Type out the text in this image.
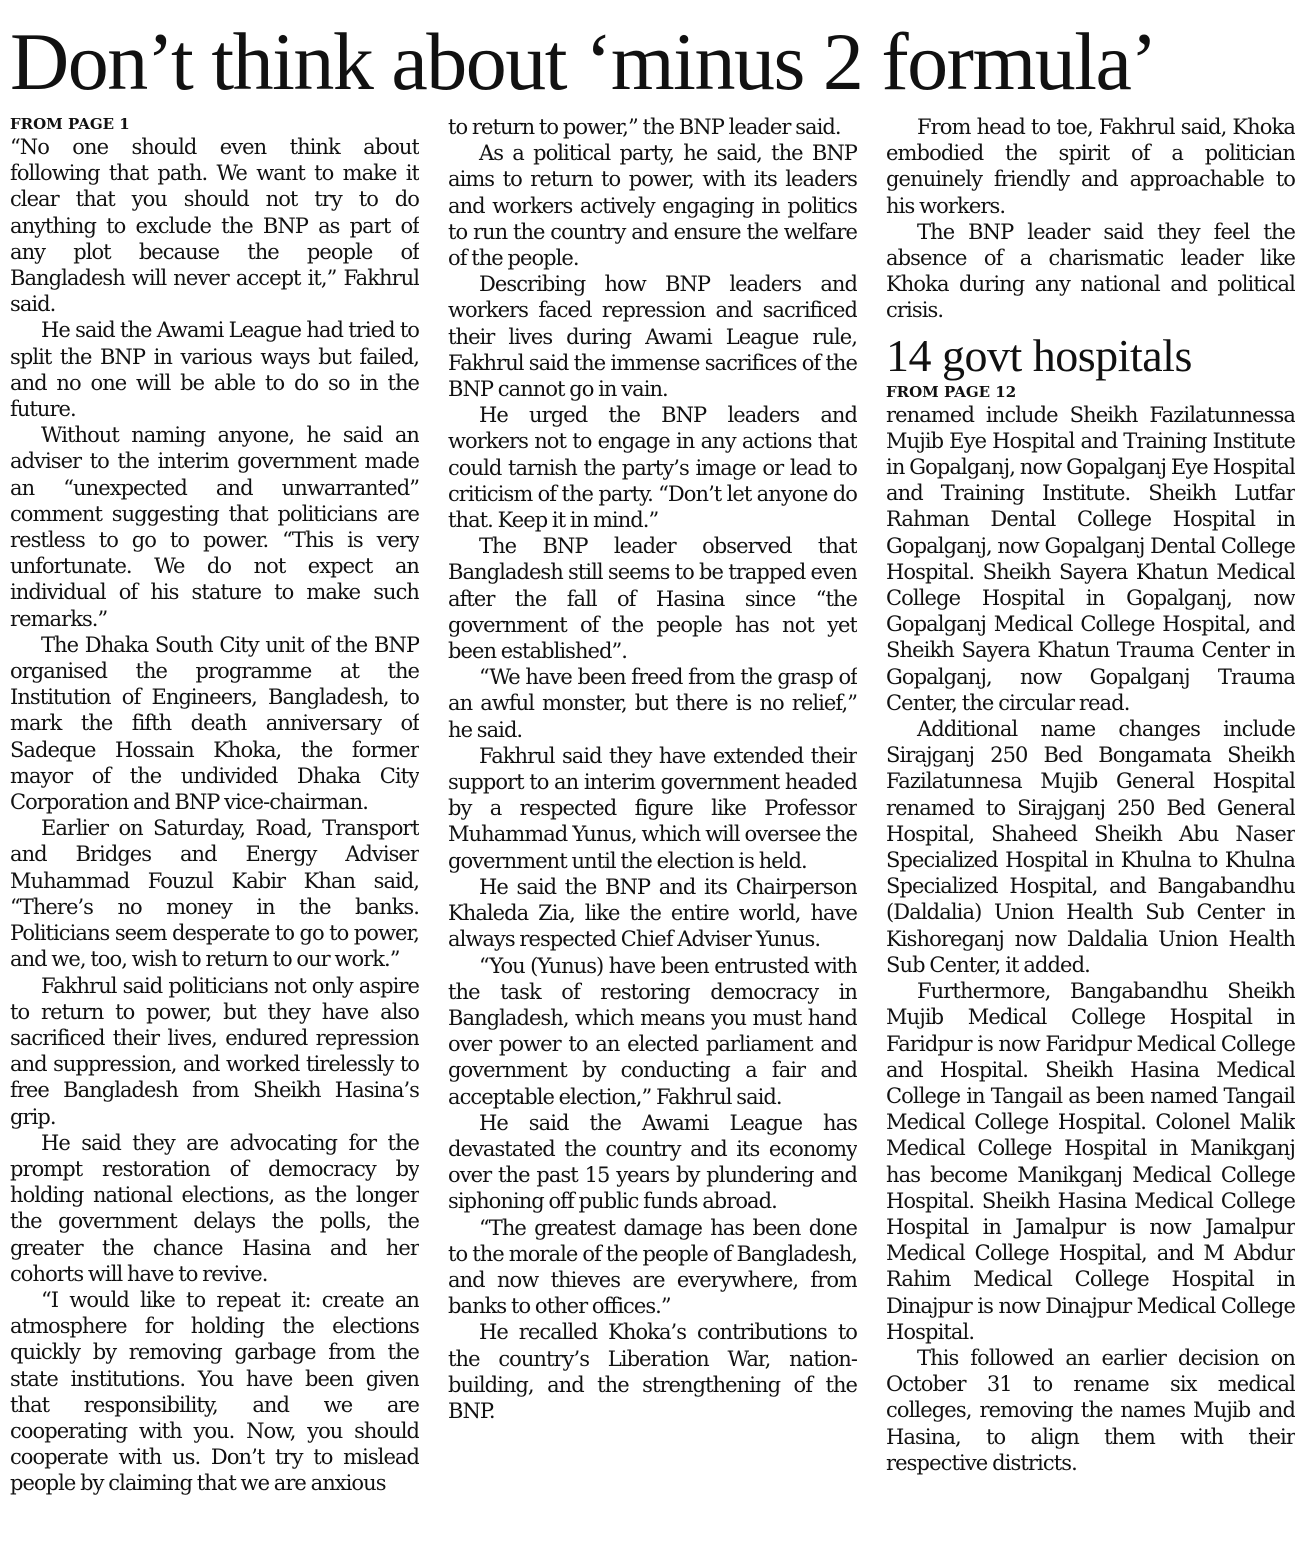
Don’t think about ‘minus 2 formula’
FROM PAGE 1

“No one should even think about following that path. We want to make it clear that you should not try to do anything to exclude the BNP as part of any plot because the people of Bangladesh will never accept it,” Fakhrul said.

He said the Awami League had tried to split the BNP in various ways but failed, and no one will be able to do so in the future.

Without naming anyone, he said an adviser to the interim government made an “unexpected and unwarranted” comment suggesting that politicians are restless to go to power. “This is very unfortunate. We do not expect an individual of his stature to make such remarks.”

The Dhaka South City unit of the BNP organised the programme at the Institution of Engineers, Bangladesh, to mark the fifth death anniversary of Sadeque Hossain Khoka, the former mayor of the undivided Dhaka City Corporation and BNP vice-chairman.

Earlier on Saturday, Road, Transport and Bridges and Energy Adviser Muhammad Fouzul Kabir Khan said, “There’s no money in the banks. Politicians seem desperate to go to power, and we, too, wish to return to our work.”

Fakhrul said politicians not only aspire to return to power, but they have also sacrificed their lives, endured repression and suppression, and worked tirelessly to free Bangladesh from Sheikh Hasina’s grip.

He said they are advocating for the prompt restoration of democracy by holding national elections, as the longer the government delays the polls, the greater the chance Hasina and her cohorts will have to revive.

“I would like to repeat it: create an atmosphere for holding the elections quickly by removing garbage from the state institutions. You have been given that responsibility, and we are cooperating with you. Now, you should cooperate with us. Don’t try to mislead people by claiming that we are anxious

to return to power,” the BNP leader said.

As a political party, he said, the BNP aims to return to power, with its leaders and workers actively engaging in politics to run the country and ensure the welfare of the people.

Describing how BNP leaders and workers faced repression and sacrificed their lives during Awami League rule, Fakhrul said the immense sacrifices of the BNP cannot go in vain.

He urged the BNP leaders and workers not to engage in any actions that could tarnish the party’s image or lead to criticism of the party. “Don’t let anyone do that. Keep it in mind.”

The BNP leader observed that Bangladesh still seems to be trapped even after the fall of Hasina since “the government of the people has not yet been established”.

“We have been freed from the grasp of an awful monster, but there is no relief,” he said.

Fakhrul said they have extended their support to an interim government headed by a respected figure like Professor Muhammad Yunus, which will oversee the government until the election is held.

He said the BNP and its Chairperson Khaleda Zia, like the entire world, have always respected Chief Adviser Yunus.

“You (Yunus) have been entrusted with the task of restoring democracy in Bangladesh, which means you must hand over power to an elected parliament and government by conducting a fair and acceptable election,” Fakhrul said.

He said the Awami League has devastated the country and its economy over the past 15 years by plundering and siphoning off public funds abroad.

“The greatest damage has been done to the morale of the people of Bangladesh, and now thieves are everywhere, from banks to other offices.”

He recalled Khoka’s contributions to the country’s Liberation War, nation-building, and the strengthening of the BNP.

From head to toe, Fakhrul said, Khoka embodied the spirit of a politician genuinely friendly and approachable to his workers.

The BNP leader said they feel the absence of a charismatic leader like Khoka during any national and political crisis.

14 govt hospitals
FROM PAGE 12

renamed include Sheikh Fazilatunnessa Mujib Eye Hospital and Training Institute in Gopalganj, now Gopalganj Eye Hospital and Training Institute. Sheikh Lutfar Rahman Dental College Hospital in Gopalganj, now Gopalganj Dental College Hospital. Sheikh Sayera Khatun Medical College Hospital in Gopalganj, now Gopalganj Medical College Hospital, and Sheikh Sayera Khatun Trauma Center in Gopalganj, now Gopalganj Trauma Center, the circular read.

Additional name changes include Sirajganj 250 Bed Bongamata Sheikh Fazilatunnesa Mujib General Hospital renamed to Sirajganj 250 Bed General Hospital, Shaheed Sheikh Abu Naser Specialized Hospital in Khulna to Khulna Specialized Hospital, and Bangabandhu (Daldalia) Union Health Sub Center in Kishoreganj now Daldalia Union Health Sub Center, it added.

Furthermore, Bangabandhu Sheikh Mujib Medical College Hospital in Faridpur is now Faridpur Medical College and Hospital. Sheikh Hasina Medical College in Tangail as been named Tangail Medical College Hospital. Colonel Malik Medical College Hospital in Manikganj has become Manikganj Medical College Hospital. Sheikh Hasina Medical College Hospital in Jamalpur is now Jamalpur Medical College Hospital, and M Abdur Rahim Medical College Hospital in Dinajpur is now Dinajpur Medical College Hospital.

This followed an earlier decision on October 31 to rename six medical colleges, removing the names Mujib and Hasina, to align them with their respective districts.
